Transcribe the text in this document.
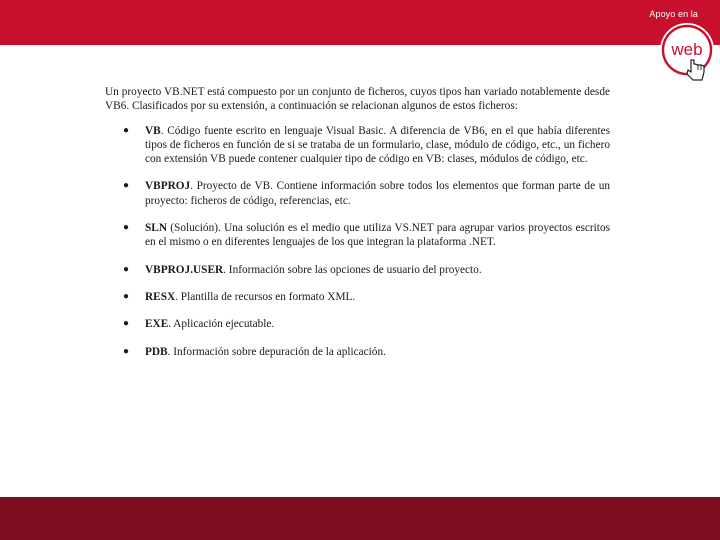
Apoyo en la
web

Un proyecto VB.NET está compuesto por un conjunto de ficheros, cuyos tipos han variado notablemente desde VB6. Clasificados por su extensión, a continuación se relacionan algunos de estos ficheros:

● VB. Código fuente escrito en lenguaje Visual Basic. A diferencia de VB6, en el que había diferentes tipos de ficheros en función de si se trataba de un formulario, clase, módulo de código, etc., un fichero con extensión VB puede contener cualquier tipo de código en VB: clases, módulos de código, etc.
● VBPROJ. Proyecto de VB. Contiene información sobre todos los elementos que forman parte de un proyecto: ficheros de código, referencias, etc.
● SLN (Solución). Una solución es el medio que utiliza VS.NET para agrupar varios proyectos escritos en el mismo o en diferentes lenguajes de los que integran la plataforma .NET.
● VBPROJ.USER. Información sobre las opciones de usuario del proyecto.
● RESX. Plantilla de recursos en formato XML.
● EXE. Aplicación ejecutable.
● PDB. Información sobre depuración de la aplicación.
